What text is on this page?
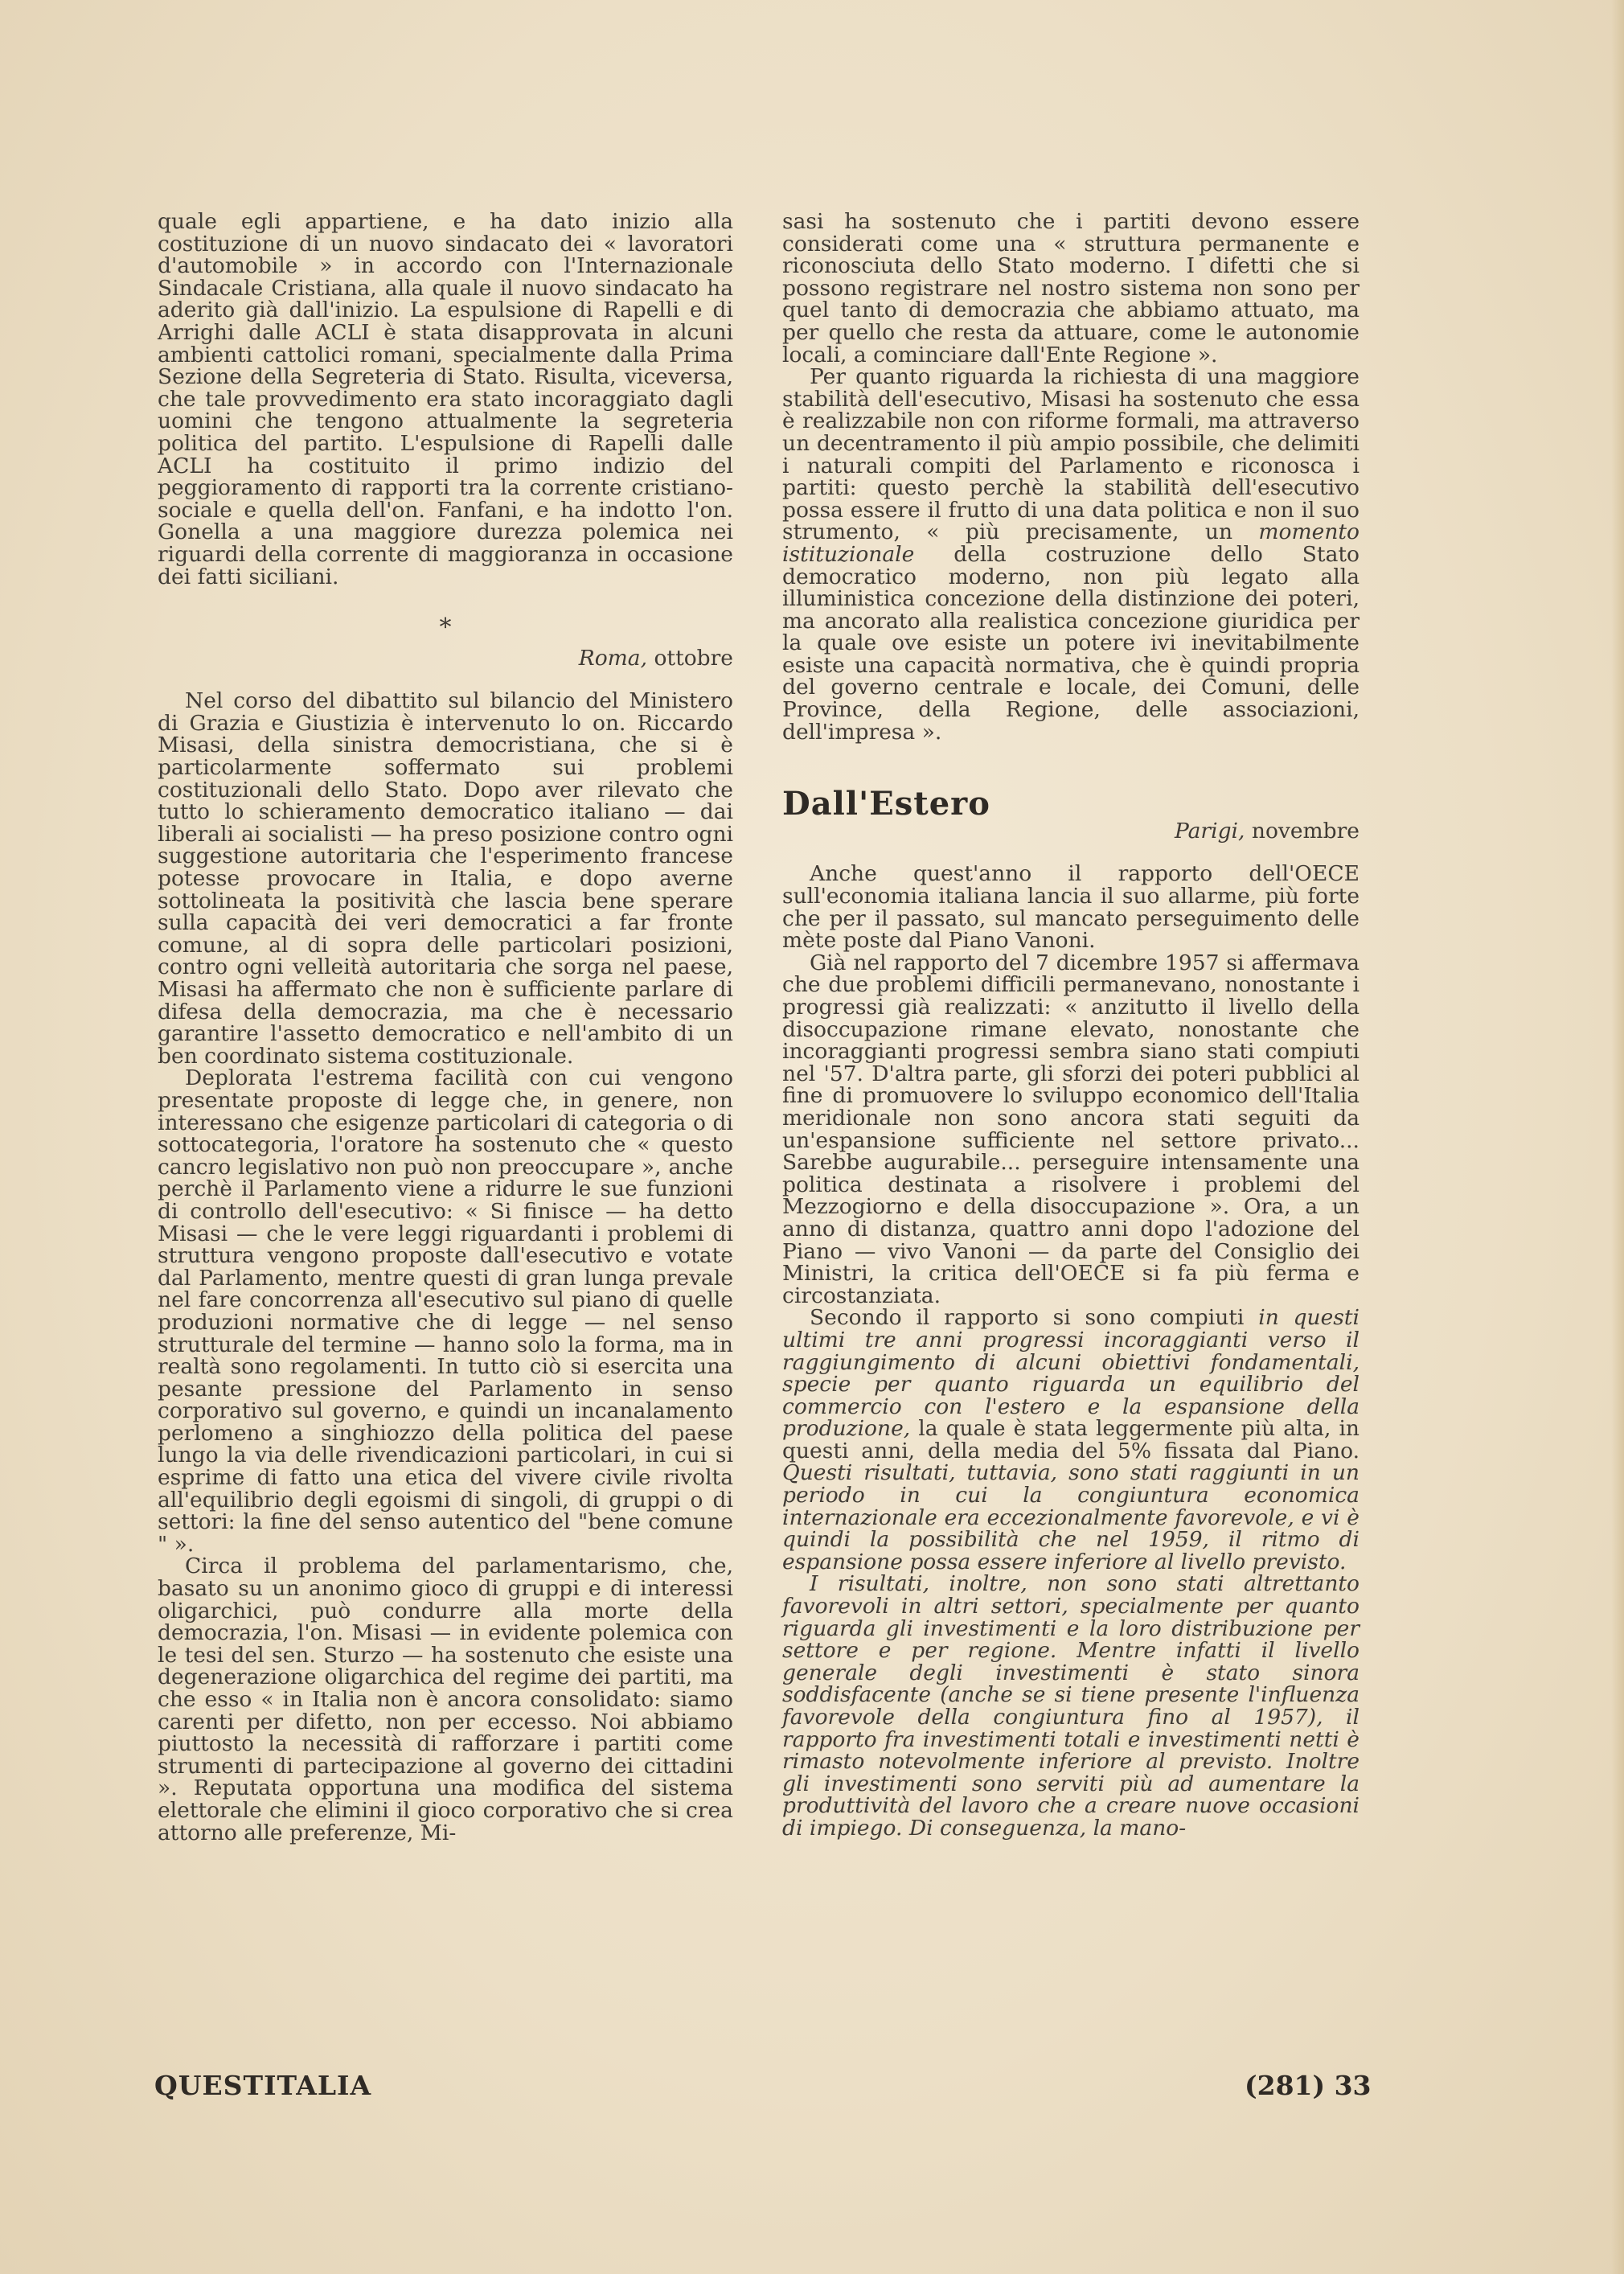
quale egli appartiene, e ha dato inizio alla costituzione di un nuovo sindacato dei « lavoratori d'automobile » in accordo con l'Internazionale Sindacale Cristiana, alla quale il nuovo sindacato ha aderito già dall'inizio. La espulsione di Rapelli e di Arrighi dalle ACLI è stata disapprovata in alcuni ambienti cattolici romani, specialmente dalla Prima Sezione della Segreteria di Stato. Risulta, viceversa, che tale provvedimento era stato incoraggiato dagli uomini che tengono attualmente la segreteria politica del partito. L'espulsione di Rapelli dalle ACLI ha costituito il primo indizio del peggioramento di rapporti tra la corrente cristiano-sociale e quella dell'on. Fanfani, e ha indotto l'on. Gonella a una maggiore durezza polemica nei riguardi della corrente di maggioranza in occasione dei fatti siciliani.

*
Roma, ottobre

Nel corso del dibattito sul bilancio del Ministero di Grazia e Giustizia è intervenuto lo on. Riccardo Misasi, della sinistra democristiana, che si è particolarmente soffermato sui problemi costituzionali dello Stato. Dopo aver rilevato che tutto lo schieramento democratico italiano — dai liberali ai socialisti — ha preso posizione contro ogni suggestione autoritaria che l'esperimento francese potesse provocare in Italia, e dopo averne sottolineata la positività che lascia bene sperare sulla capacità dei veri democratici a far fronte comune, al di sopra delle particolari posizioni, contro ogni velleità autoritaria che sorga nel paese, Misasi ha affermato che non è sufficiente parlare di difesa della democrazia, ma che è necessario garantire l'assetto democratico e nell'ambito di un ben coordinato sistema costituzionale.

Deplorata l'estrema facilità con cui vengono presentate proposte di legge che, in genere, non interessano che esigenze particolari di categoria o di sottocategoria, l'oratore ha sostenuto che « questo cancro legislativo non può non preoccupare », anche perchè il Parlamento viene a ridurre le sue funzioni di controllo dell'esecutivo: « Si finisce — ha detto Misasi — che le vere leggi riguardanti i problemi di struttura vengono proposte dall'esecutivo e votate dal Parlamento, mentre questi di gran lunga prevale nel fare concorrenza all'esecutivo sul piano di quelle produzioni normative che di legge — nel senso strutturale del termine — hanno solo la forma, ma in realtà sono regolamenti. In tutto ciò si esercita una pesante pressione del Parlamento in senso corporativo sul governo, e quindi un incanalamento perlomeno a singhiozzo della politica del paese lungo la via delle rivendicazioni particolari, in cui si esprime di fatto una etica del vivere civile rivolta all'equilibrio degli egoismi di singoli, di gruppi o di settori: la fine del senso autentico del "bene comune " ».

Circa il problema del parlamentarismo, che, basato su un anonimo gioco di gruppi e di interessi oligarchici, può condurre alla morte della democrazia, l'on. Misasi — in evidente polemica con le tesi del sen. Sturzo — ha sostenuto che esiste una degenerazione oligarchica del regime dei partiti, ma che esso « in Italia non è ancora consolidato: siamo carenti per difetto, non per eccesso. Noi abbiamo piuttosto la necessità di rafforzare i partiti come strumenti di partecipazione al governo dei cittadini ». Reputata opportuna una modifica del sistema elettorale che elimini il gioco corporativo che si crea attorno alle preferenze, Mi-

sasi ha sostenuto che i partiti devono essere considerati come una « struttura permanente e riconosciuta dello Stato moderno. I difetti che si possono registrare nel nostro sistema non sono per quel tanto di democrazia che abbiamo attuato, ma per quello che resta da attuare, come le autonomie locali, a cominciare dall'Ente Regione ».

Per quanto riguarda la richiesta di una maggiore stabilità dell'esecutivo, Misasi ha sostenuto che essa è realizzabile non con riforme formali, ma attraverso un decentramento il più ampio possibile, che delimiti i naturali compiti del Parlamento e riconosca i partiti: questo perchè la stabilità dell'esecutivo possa essere il frutto di una data politica e non il suo strumento, « più precisamente, un momento istituzionale della costruzione dello Stato democratico moderno, non più legato alla illuministica concezione della distinzione dei poteri, ma ancorato alla realistica concezione giuridica per la quale ove esiste un potere ivi inevitabilmente esiste una capacità normativa, che è quindi propria del governo centrale e locale, dei Comuni, delle Province, della Regione, delle associazioni, dell'impresa ».

Dall'Estero
Parigi, novembre

Anche quest'anno il rapporto dell'OECE sull'economia italiana lancia il suo allarme, più forte che per il passato, sul mancato perseguimento delle mète poste dal Piano Vanoni.

Già nel rapporto del 7 dicembre 1957 si affermava che due problemi difficili permanevano, nonostante i progressi già realizzati: « anzitutto il livello della disoccupazione rimane elevato, nonostante che incoraggianti progressi sembra siano stati compiuti nel '57. D'altra parte, gli sforzi dei poteri pubblici al fine di promuovere lo sviluppo economico dell'Italia meridionale non sono ancora stati seguiti da un'espansione sufficiente nel settore privato... Sarebbe augurabile... perseguire intensamente una politica destinata a risolvere i problemi del Mezzogiorno e della disoccupazione ». Ora, a un anno di distanza, quattro anni dopo l'adozione del Piano — vivo Vanoni — da parte del Consiglio dei Ministri, la critica dell'OECE si fa più ferma e circostanziata.

Secondo il rapporto si sono compiuti in questi ultimi tre anni progressi incoraggianti verso il raggiungimento di alcuni obiettivi fondamentali, specie per quanto riguarda un equilibrio del commercio con l'estero e la espansione della produzione, la quale è stata leggermente più alta, in questi anni, della media del 5% fissata dal Piano. Questi risultati, tuttavia, sono stati raggiunti in un periodo in cui la congiuntura economica internazionale era eccezionalmente favorevole, e vi è quindi la possibilità che nel 1959, il ritmo di espansione possa essere inferiore al livello previsto.

I risultati, inoltre, non sono stati altrettanto favorevoli in altri settori, specialmente per quanto riguarda gli investimenti e la loro distribuzione per settore e per regione. Mentre infatti il livello generale degli investimenti è stato sinora soddisfacente (anche se si tiene presente l'influenza favorevole della congiuntura fino al 1957), il rapporto fra investimenti totali e investimenti netti è rimasto notevolmente inferiore al previsto. Inoltre gli investimenti sono serviti più ad aumentare la produttività del lavoro che a creare nuove occasioni di impiego. Di conseguenza, la mano-

QUESTITALIA	(281) 33
